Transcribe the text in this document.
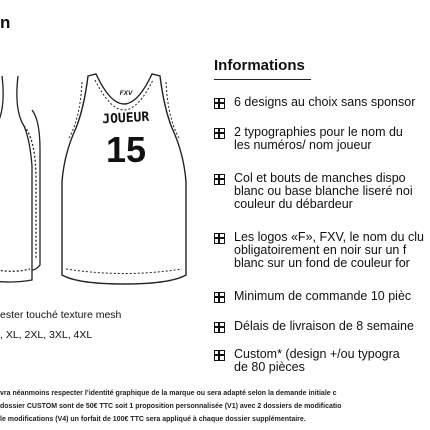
n
FXV
JOUEUR
15
ester touché texture mesh
, XL, 2XL, 3XL, 4XL
Informations
6 designs au choix sans sponsor
2 typographies pour le nom du
les numéros/ nom joueur
Col et bouts de manches dispo
blanc ou base blanche liseré noi
couleur du débardeur
Les logos «F», FXV, le nom du clu
obligatoirement en noir sur un f
blanc sur un fond de couleur for
Minimum de commande 10 pièc
Délais de livraison de 8 semaine
Custom* (design +/ou typogra
de 80 pièces
vra néanmoins respecter l’identité graphique de la marque ou sera adapté selon la demande initiale c
dossier CUSTOM sont de 50€ TTC soit 1 proposition personnalisée (V1) avec 2 dossiers de modificatio
le modifications (V4) un forfait de 100€ TTC sera appliqué à chaque dossier supplémentaire.
